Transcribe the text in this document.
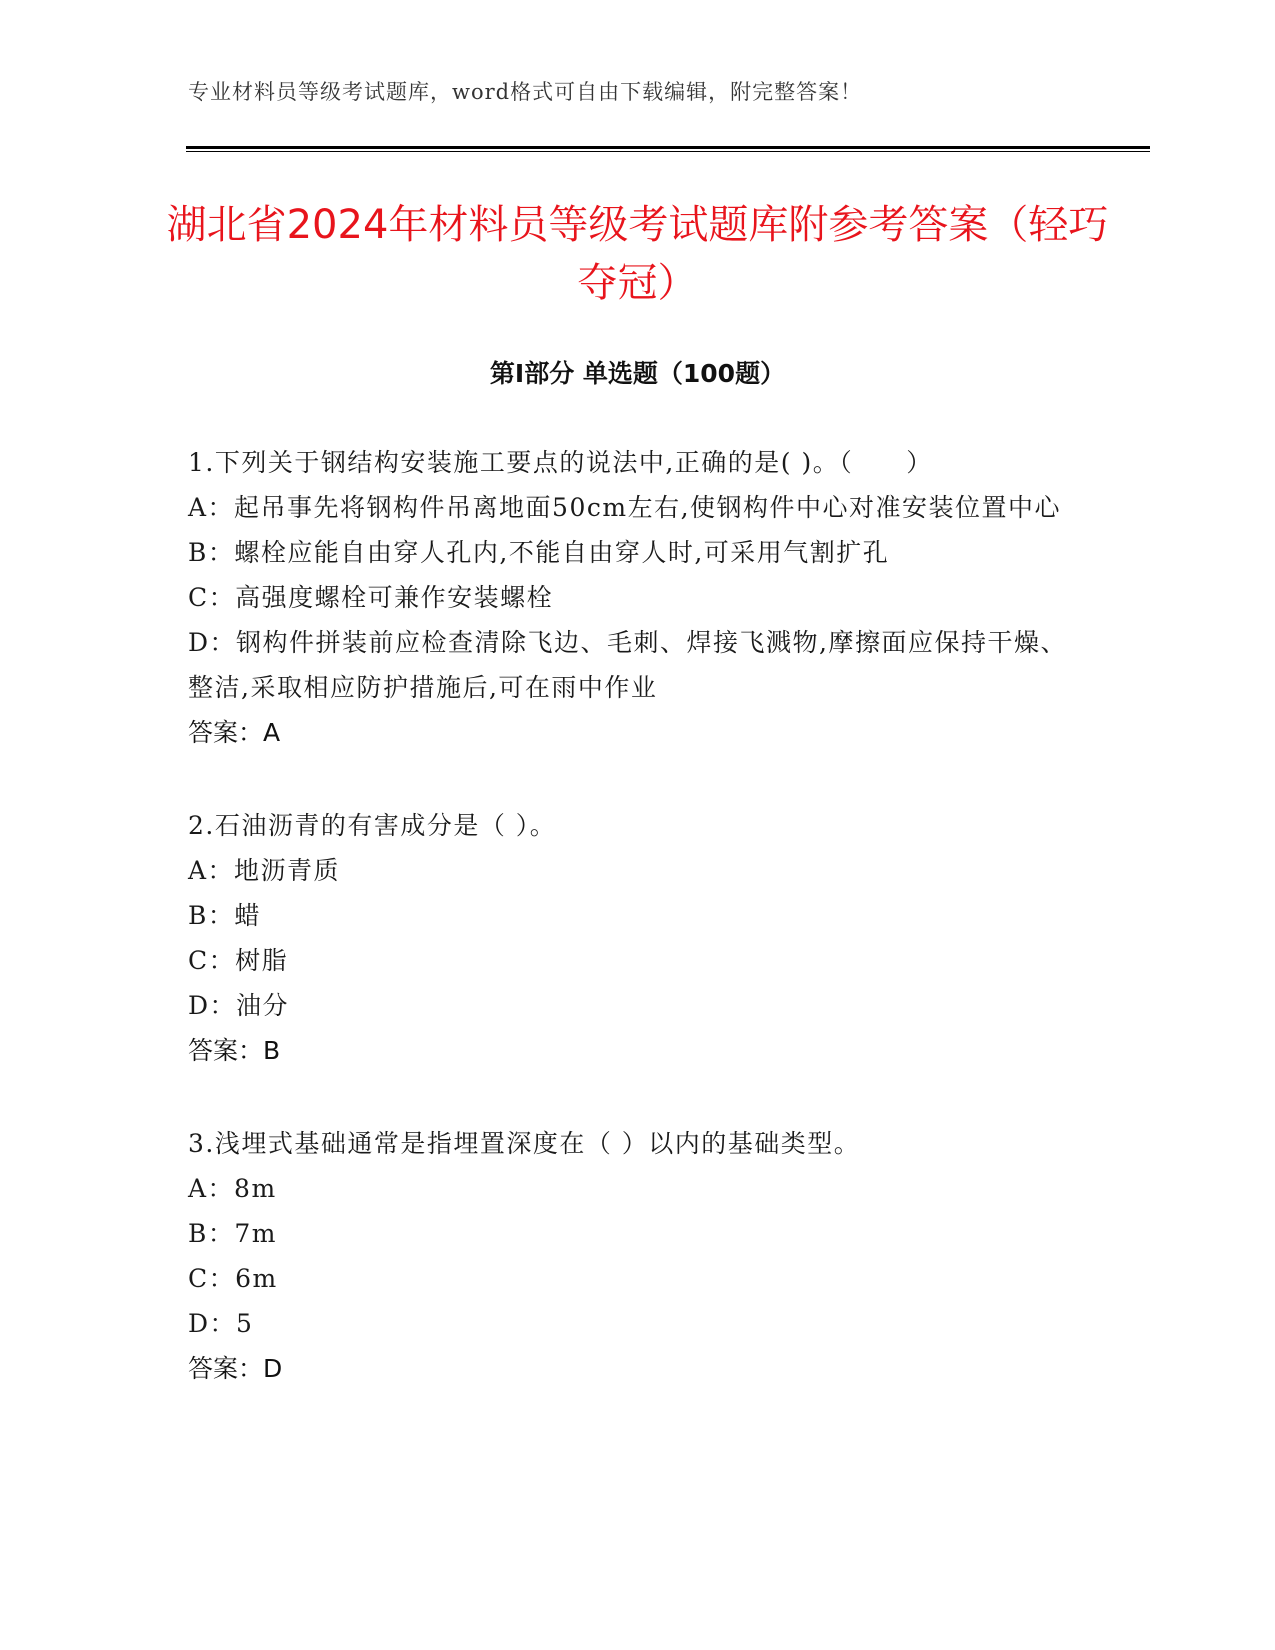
专业材料员等级考试题库，word格式可自由下载编辑，附完整答案！
湖北省2024年材料员等级考试题库附参考答案（轻巧夺冠）
第Ⅰ部分 单选题（100题）
1.下列关于钢结构安装施工要点的说法中,正确的是( )。（　　）
A：起吊事先将钢构件吊离地面50cm左右,使钢构件中心对准安装位置中心
B：螺栓应能自由穿人孔内,不能自由穿人时,可采用气割扩孔
C：高强度螺栓可兼作安装螺栓
D：钢构件拼装前应检查清除飞边、毛刺、焊接飞溅物,摩擦面应保持干燥、整洁,采取相应防护措施后,可在雨中作业
答案：A
2.石油沥青的有害成分是（ ）。
A：地沥青质
B：蜡
C：树脂
D：油分
答案：B
3.浅埋式基础通常是指埋置深度在（ ）以内的基础类型。
A：8m
B：7m
C：6m
D：5
答案：D
